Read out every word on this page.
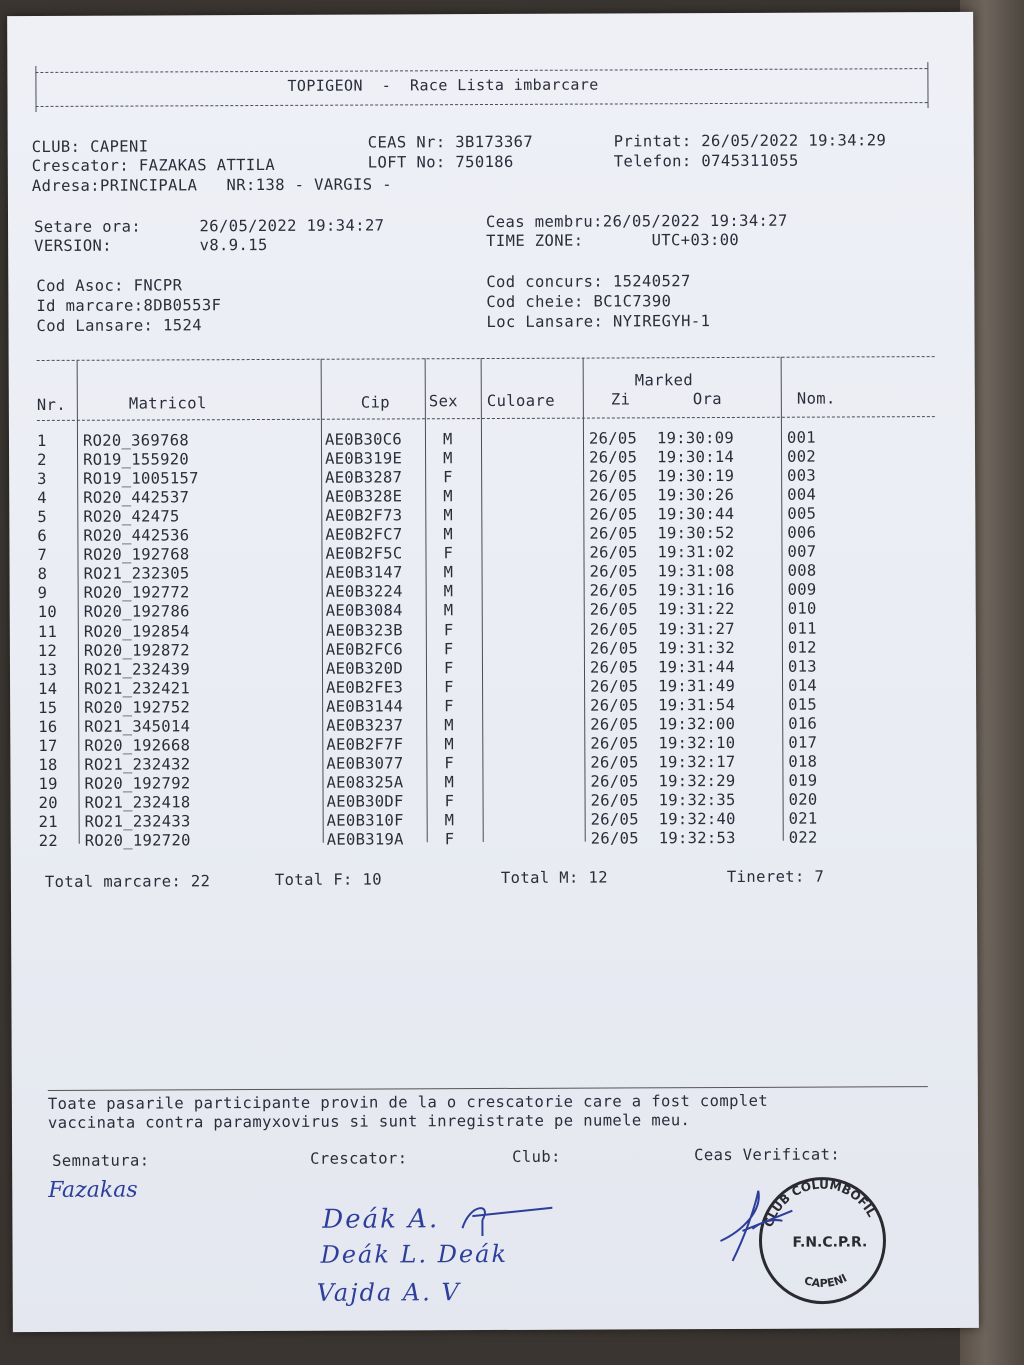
TOPIGEON  -  Race Lista imbarcare
CLUB: CAPENI	CEAS Nr: 3B173367	Printat: 26/05/2022 19:34:29
Crescator: FAZAKAS ATTILA	LOFT No: 750186	Telefon: 0745311055
Adresa:PRINCIPALA   NR:138 - VARGIS -
Setare ora:      26/05/2022 19:34:27	Ceas membru:26/05/2022 19:34:27
VERSION:         v8.9.15	TIME ZONE:       UTC+03:00
Cod Asoc: FNCPR	Cod concurs: 15240527
Id marcare:8DB0553F	Cod cheie: BC1C7390
Cod Lansare: 1524	Loc Lansare: NYIREGYH-1
Nr.	Matricol	Cip Sex Culoare
Marked
Zi	Ora	Nom.
1 RO20_369768	AE0B30C6	M	26/05 19:30:09	001
2 RO19_155920	AE0B319E	M	26/05 19:30:14	002
3 RO19_1005157	AE0B3287	F	26/05 19:30:19	003
4 RO20_442537	AE0B328E	M	26/05 19:30:26	004
5 RO20_42475	AE0B2F73	M	26/05 19:30:44	005
6 RO20_442536	AE0B2FC7	M	26/05 19:30:52	006
7 RO20_192768	AE0B2F5C	F	26/05 19:31:02	007
8 RO21_232305	AE0B3147	M	26/05 19:31:08	008
9 RO20_192772	AE0B3224	M	26/05 19:31:16	009
10 RO20_192786	AE0B3084	M	26/05 19:31:22	010
11 RO20_192854	AE0B323B	F	26/05 19:31:27	011
12 RO20_192872	AE0B2FC6	F	26/05 19:31:32	012
13 RO21_232439	AE0B320D	F	26/05 19:31:44	013
14 RO21_232421	AE0B2FE3	F	26/05 19:31:49	014
15 RO20_192752	AE0B3144	F	26/05 19:31:54	015
16 RO21_345014	AE0B3237	M	26/05 19:32:00	016
17 RO20_192668	AE0B2F7F	M	26/05 19:32:10	017
18 RO21_232432	AE0B3077	F	26/05 19:32:17	018
19 RO20_192792	AE08325A	M	26/05 19:32:29	019
20 RO21_232418	AE0B30DF	F	26/05 19:32:35	020
21 RO21_232433	AE0B310F	M	26/05 19:32:40	021
22 RO20_192720	AE0B319A	F	26/05 19:32:53	022
Total marcare: 22	Total F: 10	Total M: 12	Tineret: 7
Toate pasarile participante provin de la o crescatorie care a fost complet
vaccinata contra paramyxovirus si sunt inregistrate pe numele meu.
Semnatura:	Crescator:	Club:	Ceas Verificat:
Fazakas
Deák A.
Deák L. Deák
Vajda A. V
CLUB COLUMBOFIL
F.N.C.P.R.
CAPENI
